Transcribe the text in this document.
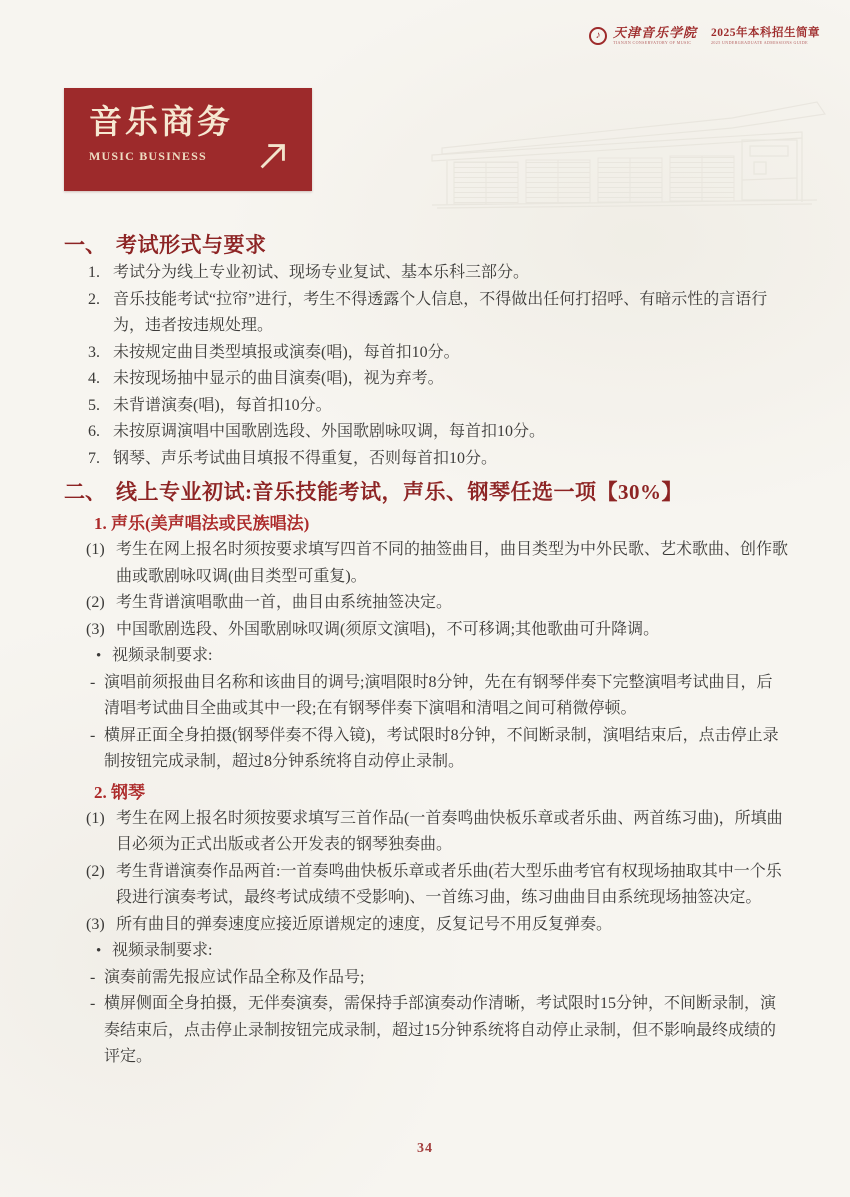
♪ 天津音乐学院
TIANJIN CONSERVATORY OF MUSIC
2025年本科招生简章
2025 UNDERGRADUATE ADMISSIONS GUIDE
音乐商务
MUSIC BUSINESS
一、 考试形式与要求
1. 考试分为线上专业初试、现场专业复试、基本乐科三部分。
2. 音乐技能考试“拉帘”进行，考生不得透露个人信息，不得做出任何打招呼、有暗示性的言语行为，违者按违规处理。
3. 未按规定曲目类型填报或演奏(唱)，每首扣10分。
4. 未按现场抽中显示的曲目演奏(唱)，视为弃考。
5. 未背谱演奏(唱)，每首扣10分。
6. 未按原调演唱中国歌剧选段、外国歌剧咏叹调，每首扣10分。
7. 钢琴、声乐考试曲目填报不得重复，否则每首扣10分。
二、 线上专业初试:音乐技能考试，声乐、钢琴任选一项【30%】
1. 声乐(美声唱法或民族唱法)
(1) 考生在网上报名时须按要求填写四首不同的抽签曲目，曲目类型为中外民歌、艺术歌曲、创作歌曲或歌剧咏叹调(曲目类型可重复)。
(2) 考生背谱演唱歌曲一首，曲目由系统抽签决定。
(3) 中国歌剧选段、外国歌剧咏叹调(须原文演唱)，不可移调;其他歌曲可升降调。
• 视频录制要求:
- 演唱前须报曲目名称和该曲目的调号;演唱限时8分钟，先在有钢琴伴奏下完整演唱考试曲目，后清唱考试曲目全曲或其中一段;在有钢琴伴奏下演唱和清唱之间可稍微停顿。
- 横屏正面全身拍摄(钢琴伴奏不得入镜)，考试限时8分钟，不间断录制，演唱结束后，点击停止录制按钮完成录制，超过8分钟系统将自动停止录制。
2. 钢琴
(1) 考生在网上报名时须按要求填写三首作品(一首奏鸣曲快板乐章或者乐曲、两首练习曲)，所填曲目必须为正式出版或者公开发表的钢琴独奏曲。
(2) 考生背谱演奏作品两首:一首奏鸣曲快板乐章或者乐曲(若大型乐曲考官有权现场抽取其中一个乐段进行演奏考试，最终考试成绩不受影响)、一首练习曲，练习曲曲目由系统现场抽签决定。
(3) 所有曲目的弹奏速度应接近原谱规定的速度，反复记号不用反复弹奏。
• 视频录制要求:
- 演奏前需先报应试作品全称及作品号;
- 横屏侧面全身拍摄，无伴奏演奏，需保持手部演奏动作清晰，考试限时15分钟，不间断录制，演奏结束后，点击停止录制按钮完成录制，超过15分钟系统将自动停止录制，但不影响最终成绩的评定。
34
